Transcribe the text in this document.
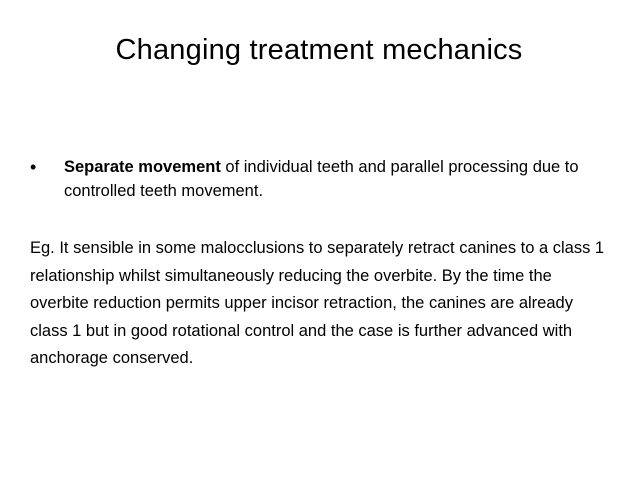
Changing treatment mechanics
•	Separate movement of individual teeth and parallel processing due to controlled teeth movement.

Eg. It sensible in some malocclusions to separately retract canines to a class 1 relationship whilst simultaneously reducing the overbite. By the time the overbite reduction permits upper incisor retraction, the canines are already class 1 but in good rotational control and the case is further advanced with anchorage conserved.
